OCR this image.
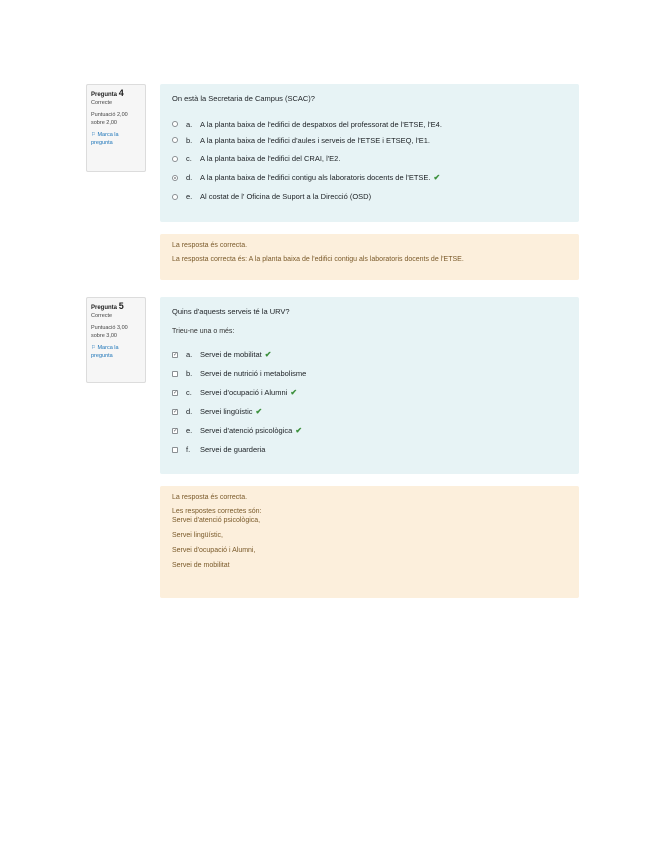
Pregunta 4
Correcte
Puntuació 2,00 sobre 2,00
⚐ Marca la pregunta

On està la Secretaria de Campus (SCAC)?

a.	A la planta baixa de l'edifici de despatxos del professorat de l'ETSE, l'E4.
b.	A la planta baixa de l'edifici d'aules i serveis de l'ETSE i ETSEQ, l'E1.
c.	A la planta baixa de l'edifici del CRAI, l'E2.
d.	A la planta baixa de l'edifici contigu als laboratoris docents de l'ETSE. ✔
e.	Al costat de l' Oficina de Suport a la Direcció (OSD)

La resposta és correcta.

La resposta correcta és: A la planta baixa de l'edifici contigu als laboratoris docents de l'ETSE.

Pregunta 5
Correcte
Puntuació 3,00 sobre 3,00
⚐ Marca la pregunta

Quins d'aquests serveis té la URV?

Trieu-ne una o més:

✓ a.	Servei de mobilitat ✔
b.	Servei de nutrició i metabolisme
✓ c.	Servei d'ocupació i Alumni ✔
✓ d.	Servei lingüístic ✔
✓ e.	Servei d'atenció psicològica ✔
f.	Servei de guarderia

La resposta és correcta.

Les respostes correctes són:

Servei d'atenció psicològica,
Servei lingüístic,
Servei d'ocupació i Alumni,
Servei de mobilitat
